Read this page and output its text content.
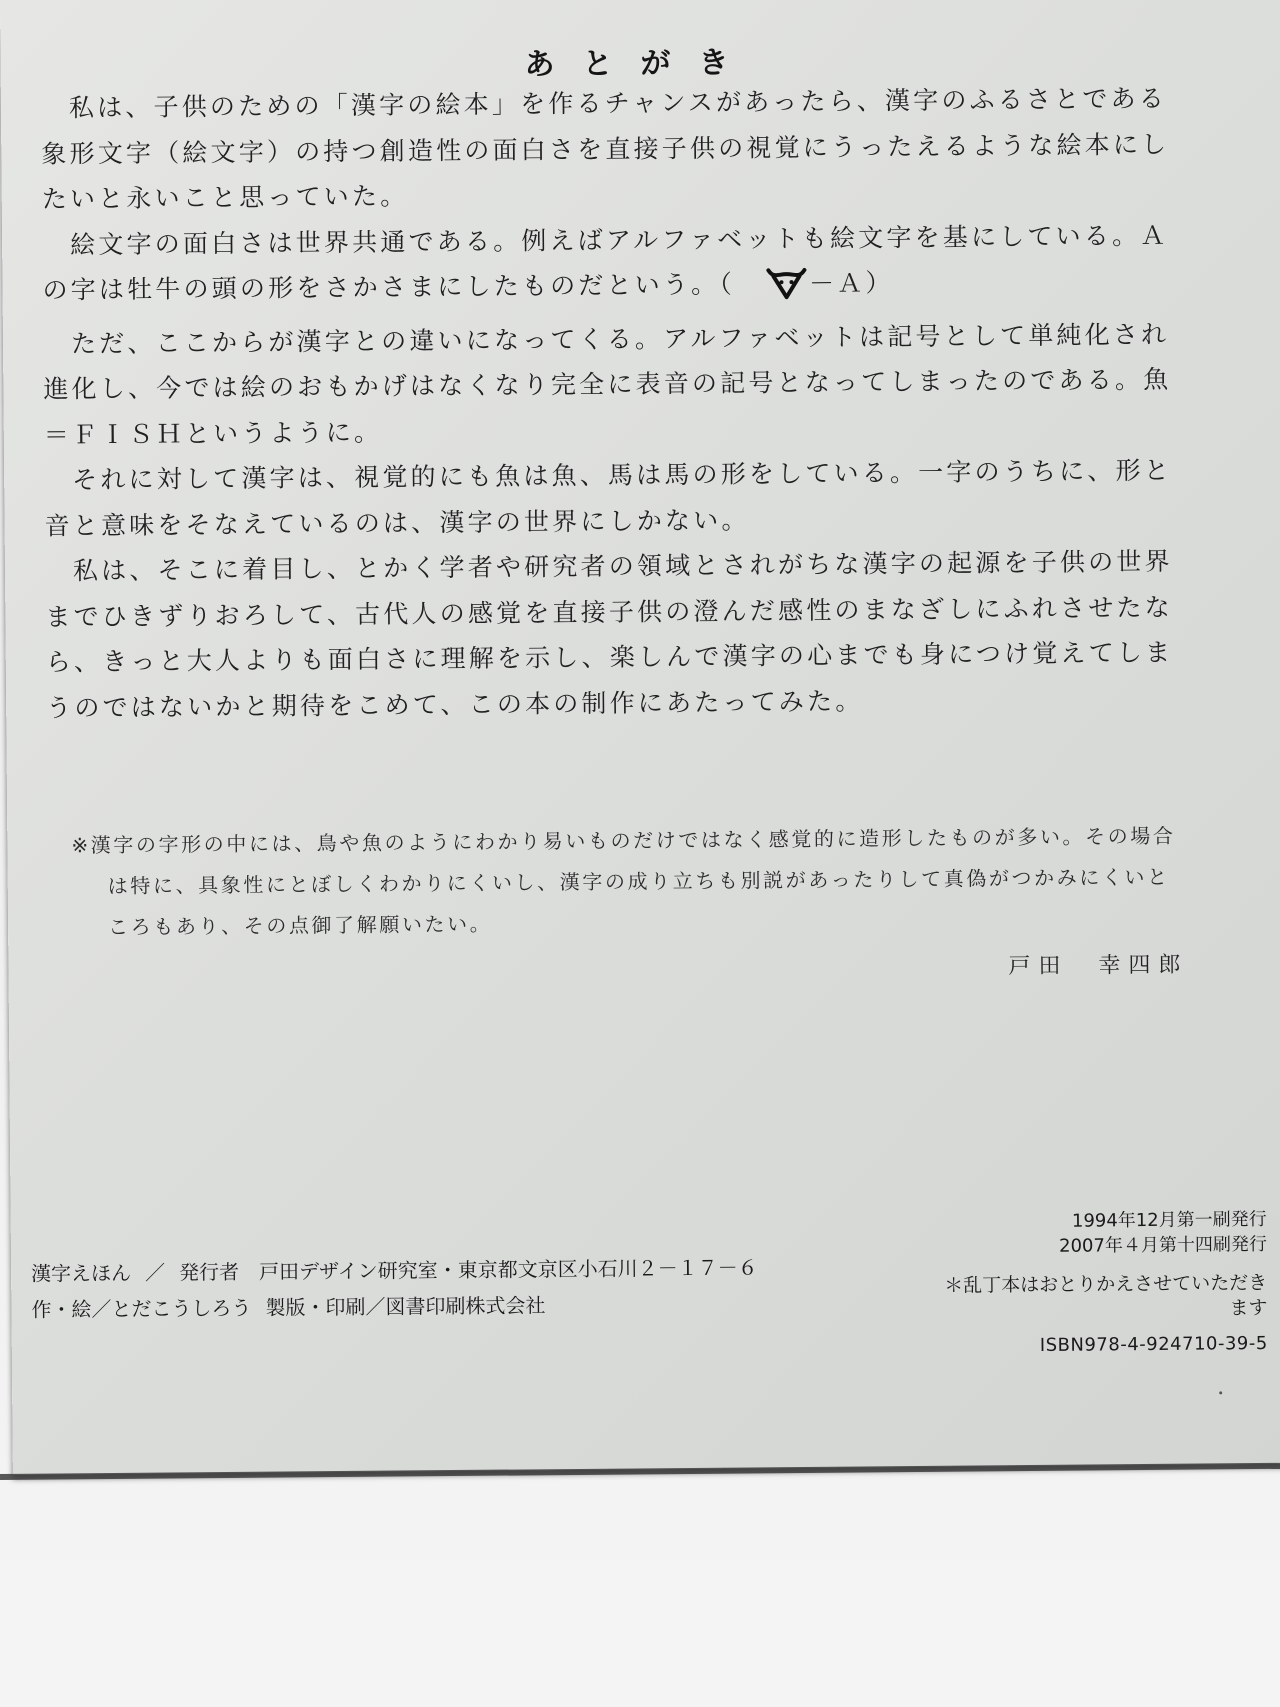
あとがき

私は、子供のための「漢字の絵本」を作るチャンスがあったら、漢字のふるさとである象形文字（絵文字）の持つ創造性の面白さを直接子供の視覚にうったえるような絵本にしたいと永いこと思っていた。

絵文字の面白さは世界共通である。例えばアルファベットも絵文字を基にしている。Ａの字は牡牛の頭の形をさかさまにしたものだという。（	－Ａ）

ただ、ここからが漢字との違いになってくる。アルファベットは記号として単純化され進化し、今では絵のおもかげはなくなり完全に表音の記号となってしまったのである。魚＝ＦＩＳＨというように。

それに対して漢字は、視覚的にも魚は魚、馬は馬の形をしている。一字のうちに、形と音と意味をそなえているのは、漢字の世界にしかない。

私は、そこに着目し、とかく学者や研究者の領域とされがちな漢字の起源を子供の世界までひきずりおろして、古代人の感覚を直接子供の澄んだ感性のまなざしにふれさせたなら、きっと大人よりも面白さに理解を示し、楽しんで漢字の心までも身につけ覚えてしまうのではないかと期待をこめて、この本の制作にあたってみた。

※漢字の字形の中には、鳥や魚のようにわかり易いものだけではなく感覚的に造形したものが多い。その場合は特に、具象性にとぼしくわかりにくいし、漢字の成り立ちも別説があったりして真偽がつかみにくいところもあり、その点御了解願いたい。

戸田　幸四郎
漢字えほん ／ 発行者　戸田デザイン研究室・東京都文京区小石川２－１７－６
作・絵／とだこうしろう 製版・印刷／図書印刷株式会社
1994年12月第一刷発行
2007年４月第十四刷発行
＊乱丁本はおとりかえさせていただきます
ISBN978-4-924710-39-5
